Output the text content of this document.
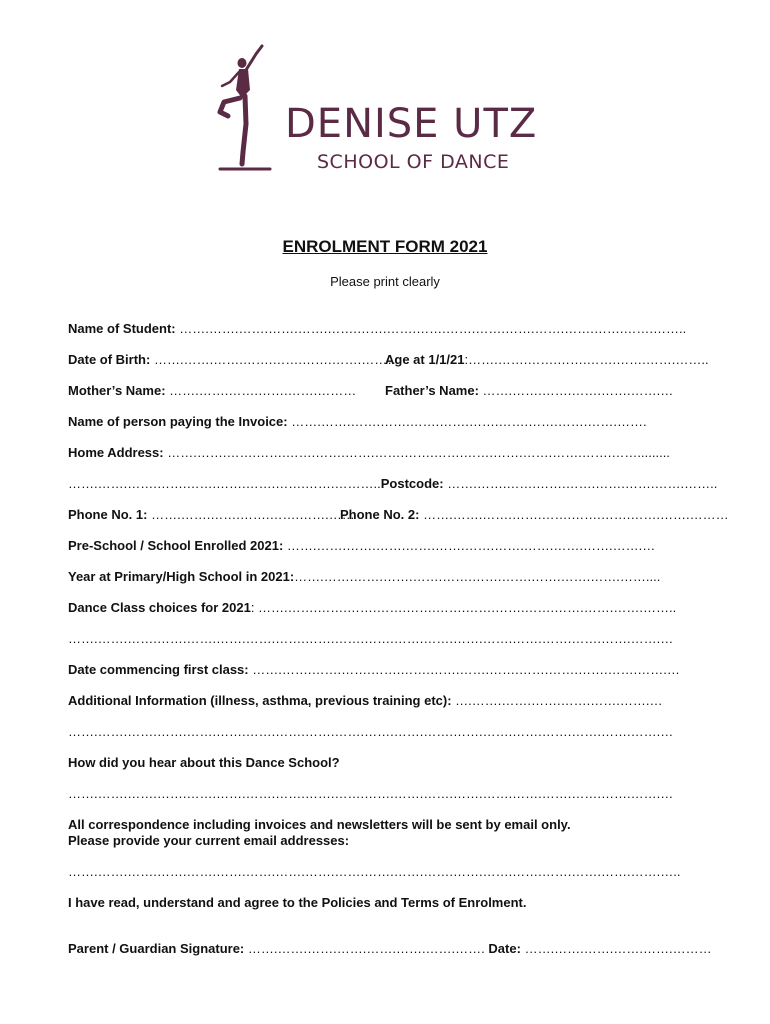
DENISE UTZ
SCHOOL OF DANCE
ENROLMENT FORM 2021
Please print clearly
Name of Student: …….…….…….…….…….…….…….…….…….…….…….…….…….…….…….…….……..
Date of Birth: …….…….…….…….…….…….…….………
Age at 1/1/21:…….…….…….…….…….…….…….……..
Mother’s Name: …….…….…….…….…….……… Father’s Name: …….…….…….…….…….…….…
Name of person paying the Invoice: …….…….…….…….…….…….…….…….…….…….…….…….
Home Address: …….…….…….…….…….…….…….…….…….…….…….…….…….…….…….…….........
…….…….…….…….…….…….…….…….…….………..Postcode: …….…….…….…….…….…….…….…….……..
Phone No. 1: …….…….…….…….…….…….……
Phone No. 2: …….…….…….…….…….…….…….…….…….………
Pre-School / School Enrolled 2021: …….…….…….…….…….…….…….…….…….…….…….…….…
Year at Primary/High School in 2021:…….…….…….…….…….…….…….…….…….…….…….……....
Dance Class choices for 2021: …….…….…….…….…….…….…….…….…….…….…….…….…….……..
…….…….…….…….…….…….…….…….…….…….…….…….…….…….…….…….…….…….…….…….…
Date commencing first class: …….…….…….…….…….…….…….…….…….…….…….…….…….…….…
Additional Information (illness, asthma, previous training etc): ….…….…….…….…….…….…….…
…….…….…….…….…….…….…….…….…….…….…….…….…….…….…….…….…….…….…….…….…
How did you hear about this Dance School?
…….…….…….…….…….…….…….…….…….…….…….…….…….…….…….…….…….…….…….…….…
All correspondence including invoices and newsletters will be sent by email only.
Please provide your current email addresses:
…….…….…….…….…….…….…….…….…….…….…….…….…….…….…….…….…….…….…….…….…..
I have read, understand and agree to the Policies and Terms of Enrolment.
Parent / Guardian Signature: …….…….…….…….…….…….…….……. Date: …….…….…….…….…….………
